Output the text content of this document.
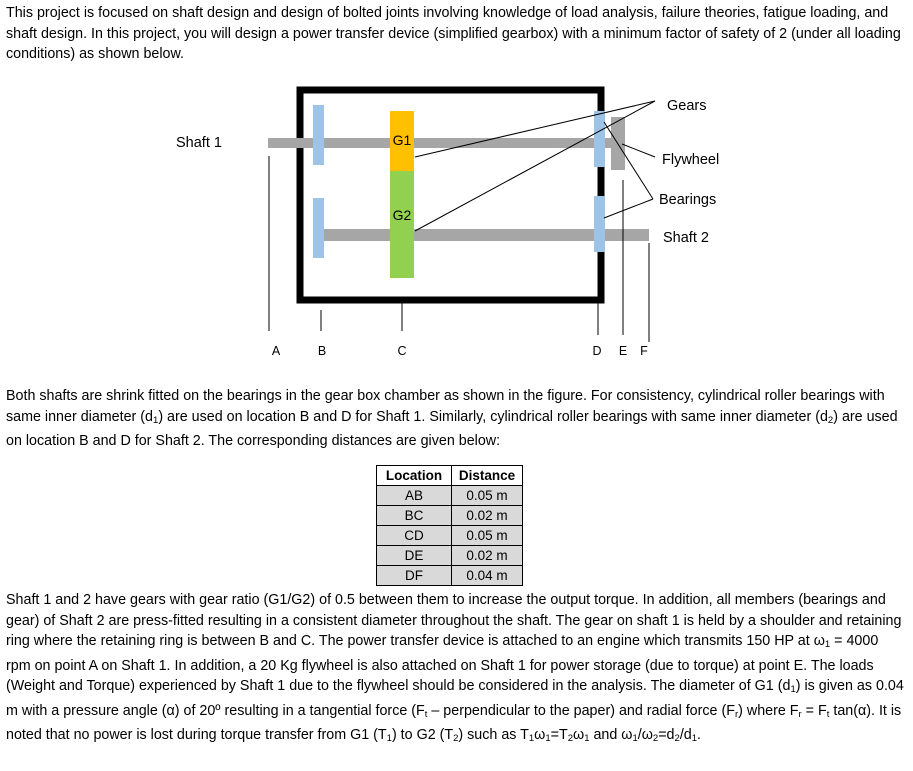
This project is focused on shaft design and design of bolted joints involving knowledge of load analysis, failure theories, fatigue loading, and shaft design. In this project, you will design a power transfer device (simplified gearbox) with a minimum factor of safety of 2 (under all loading conditions) as shown below.

G1
G2
Shaft 1
Gears
Flywheel
Bearings
Shaft 2
A	B	C	D E F

Both shafts are shrink fitted on the bearings in the gear box chamber as shown in the figure. For consistency, cylindrical roller bearings with same inner diameter $(d_1)$ are used on location B and D for Shaft 1. Similarly, cylindrical roller bearings with same inner diameter $(d_2)$ are used on location B and D for Shaft 2. The corresponding distances are given below:

Location	Distance
AB	0.05 m
BC	0.02 m
CD	0.05 m
DE	0.02 m
DF	0.04 m

Shaft 1 and 2 have gears with gear ratio (G1/G2) of 0.5 between them to increase the output torque. In addition, all members (bearings and gear) of Shaft 2 are press-fitted resulting in a consistent diameter throughout the shaft. The gear on shaft 1 is held by a shoulder and retaining ring where the retaining ring is between B and C. The power transfer device is attached to an engine which transmits 150 HP at $\omega_1 = 4000$ rpm on point A on Shaft 1. In addition, a 20 Kg flywheel is also attached on Shaft 1 for power storage (due to torque) at point E. The loads (Weight and Torque) experienced by Shaft 1 due to the flywheel should be considered in the analysis. The diameter of G1 $(d_1)$ is given as 0.04 m with a pressure angle (α) of 20º resulting in a tangential force ($F_t$ – perpendicular to the paper) and radial force $(F_r)$ where $F_r = F_t$ tan(α). It is noted that no power is lost during torque transfer from G1 $(T_1)$ to G2 $(T_2)$ such as $T_1\omega_1=T_2\omega_1$ and $\omega_1/\omega_2=d_2/d_1$.
